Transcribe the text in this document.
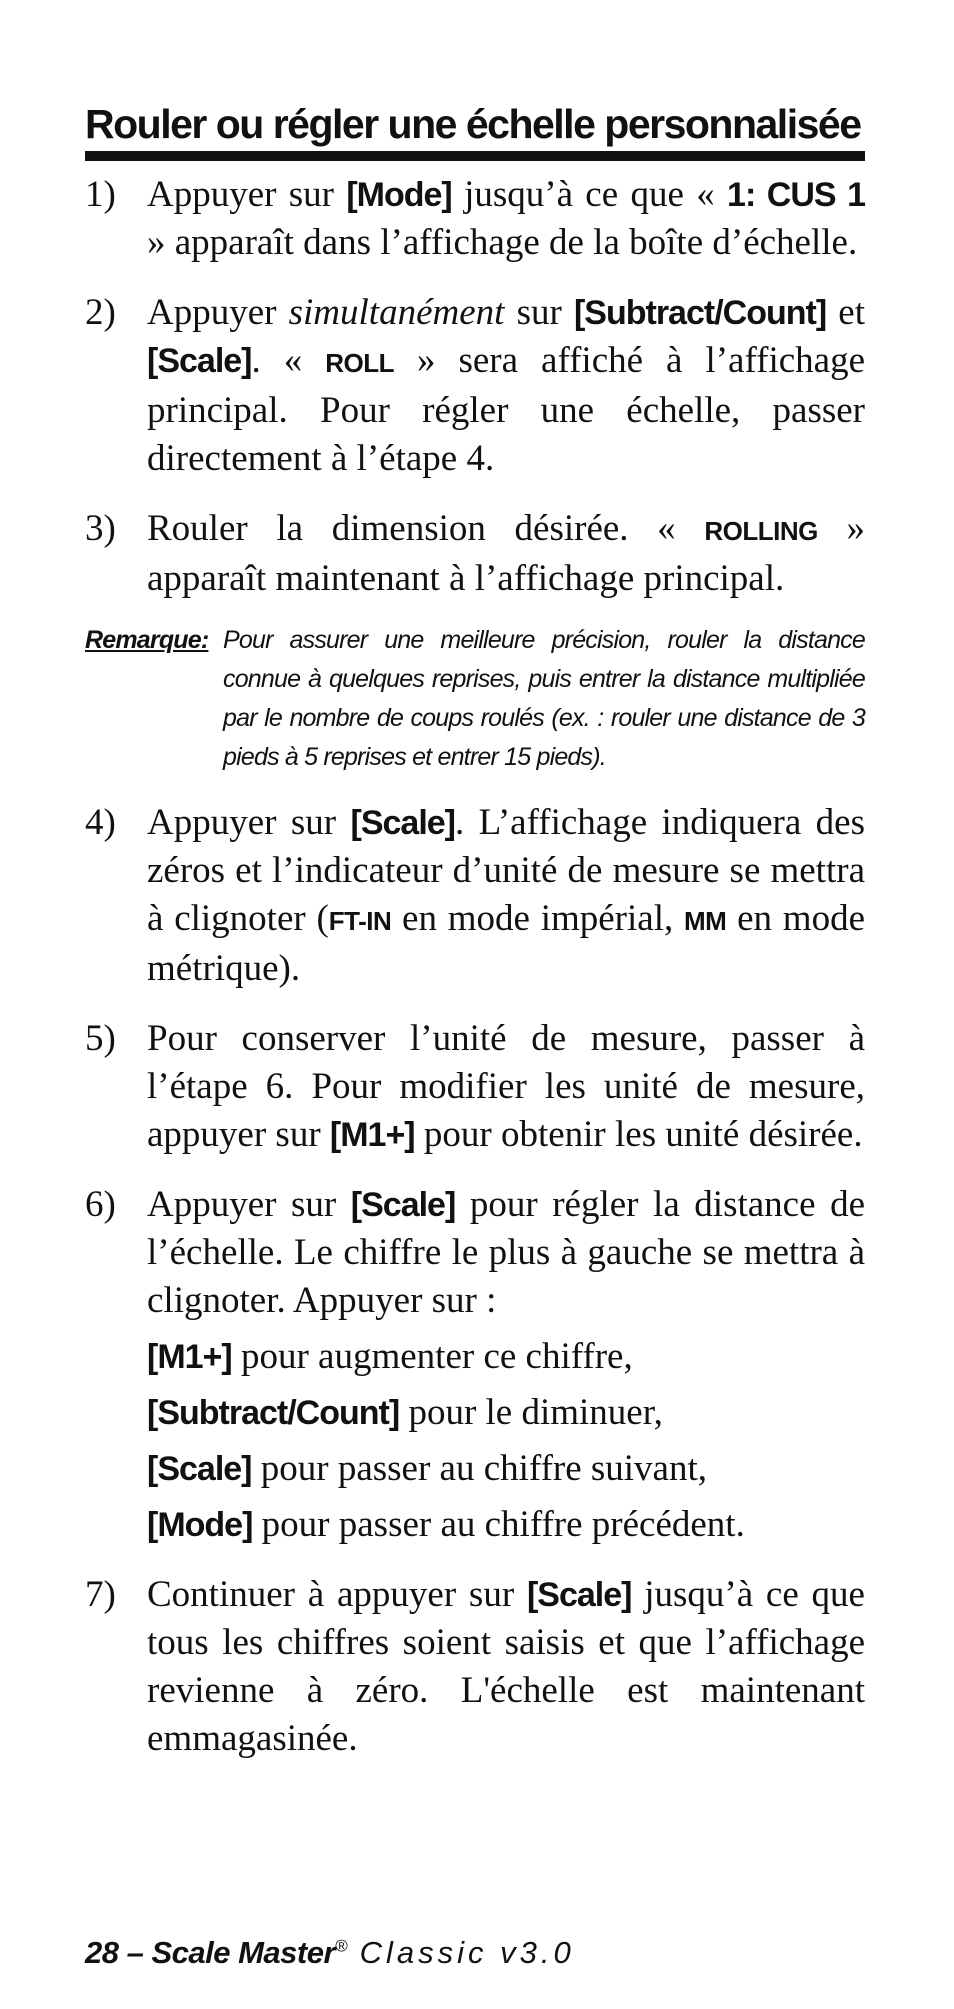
Rouler ou régler une échelle personnalisée
1) Appuyer sur [Mode] jusqu’à ce que « 1: CUS 1 » apparaît dans l’affichage de la boîte d’échelle.
2) Appuyer simultanément sur [Subtract/Count] et [Scale]. « ROLL » sera affiché à l’affichage principal. Pour régler une échelle, passer directement à l’étape 4.
3) Rouler la dimension désirée. « ROLLING » apparaît maintenant à l’affichage principal.
Remarque: Pour assurer une meilleure précision, rouler la distance connue à quelques reprises, puis entrer la distance multipliée par le nombre de coups roulés (ex. : rouler une distance de 3 pieds à 5 reprises et entrer 15 pieds).
4) Appuyer sur [Scale]. L’affichage indiquera des zéros et l’indicateur d’unité de mesure se mettra à clignoter (FT-IN en mode impérial, MM en mode métrique).
5) Pour conserver l’unité de mesure, passer à l’étape 6. Pour modifier les unité de mesure, appuyer sur [M1+] pour obtenir les unité désirée.
6) Appuyer sur [Scale] pour régler la distance de l’échelle. Le chiffre le plus à gauche se mettra à clignoter. Appuyer sur :
[M1+] pour augmenter ce chiffre,
[Subtract/Count] pour le diminuer,
[Scale] pour passer au chiffre suivant,
[Mode] pour passer au chiffre précédent.
7) Continuer à appuyer sur [Scale] jusqu’à ce que tous les chiffres soient saisis et que l’affichage revienne à zéro. L'échelle est maintenant emmagasinée.
28 – Scale Master® Classic v3.0
